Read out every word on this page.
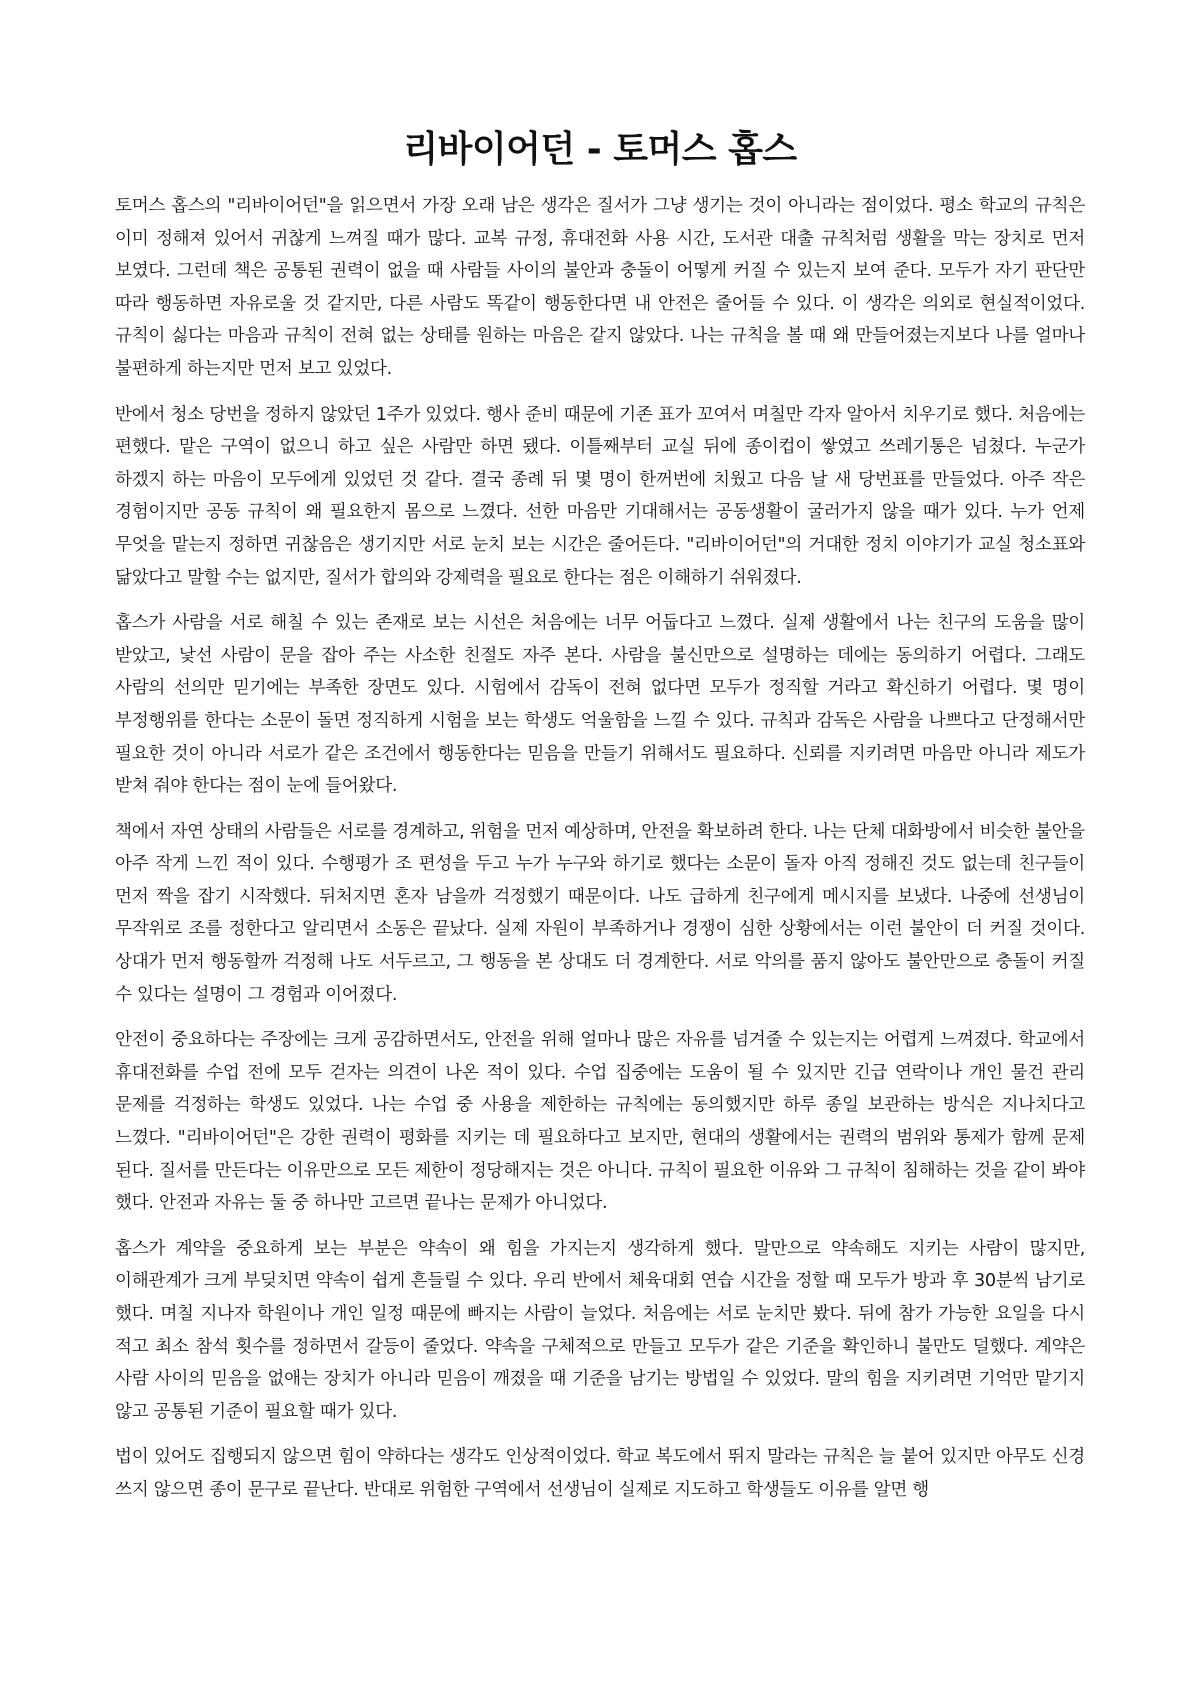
리바이어던 - 토머스 홉스

토머스 홉스의 "리바이어던"을 읽으면서 가장 오래 남은 생각은 질서가 그냥 생기는 것이 아니라는 점이었다. 평소 학교의 규칙은 이미 정해져 있어서 귀찮게 느껴질 때가 많다. 교복 규정, 휴대전화 사용 시간, 도서관 대출 규칙처럼 생활을 막는 장치로 먼저 보였다. 그런데 책은 공통된 권력이 없을 때 사람들 사이의 불안과 충돌이 어떻게 커질 수 있는지 보여 준다. 모두가 자기 판단만 따라 행동하면 자유로울 것 같지만, 다른 사람도 똑같이 행동한다면 내 안전은 줄어들 수 있다. 이 생각은 의외로 현실적이었다. 규칙이 싫다는 마음과 규칙이 전혀 없는 상태를 원하는 마음은 같지 않았다. 나는 규칙을 볼 때 왜 만들어졌는지보다 나를 얼마나 불편하게 하는지만 먼저 보고 있었다.

반에서 청소 당번을 정하지 않았던 1주가 있었다. 행사 준비 때문에 기존 표가 꼬여서 며칠만 각자 알아서 치우기로 했다. 처음에는 편했다. 맡은 구역이 없으니 하고 싶은 사람만 하면 됐다. 이틀째부터 교실 뒤에 종이컵이 쌓였고 쓰레기통은 넘쳤다. 누군가 하겠지 하는 마음이 모두에게 있었던 것 같다. 결국 종례 뒤 몇 명이 한꺼번에 치웠고 다음 날 새 당번표를 만들었다. 아주 작은 경험이지만 공동 규칙이 왜 필요한지 몸으로 느꼈다. 선한 마음만 기대해서는 공동생활이 굴러가지 않을 때가 있다. 누가 언제 무엇을 맡는지 정하면 귀찮음은 생기지만 서로 눈치 보는 시간은 줄어든다. "리바이어던"의 거대한 정치 이야기가 교실 청소표와 닮았다고 말할 수는 없지만, 질서가 합의와 강제력을 필요로 한다는 점은 이해하기 쉬워졌다.

홉스가 사람을 서로 해칠 수 있는 존재로 보는 시선은 처음에는 너무 어둡다고 느꼈다. 실제 생활에서 나는 친구의 도움을 많이 받았고, 낯선 사람이 문을 잡아 주는 사소한 친절도 자주 본다. 사람을 불신만으로 설명하는 데에는 동의하기 어렵다. 그래도 사람의 선의만 믿기에는 부족한 장면도 있다. 시험에서 감독이 전혀 없다면 모두가 정직할 거라고 확신하기 어렵다. 몇 명이 부정행위를 한다는 소문이 돌면 정직하게 시험을 보는 학생도 억울함을 느낄 수 있다. 규칙과 감독은 사람을 나쁘다고 단정해서만 필요한 것이 아니라 서로가 같은 조건에서 행동한다는 믿음을 만들기 위해서도 필요하다. 신뢰를 지키려면 마음만 아니라 제도가 받쳐 줘야 한다는 점이 눈에 들어왔다.

책에서 자연 상태의 사람들은 서로를 경계하고, 위험을 먼저 예상하며, 안전을 확보하려 한다. 나는 단체 대화방에서 비슷한 불안을 아주 작게 느낀 적이 있다. 수행평가 조 편성을 두고 누가 누구와 하기로 했다는 소문이 돌자 아직 정해진 것도 없는데 친구들이 먼저 짝을 잡기 시작했다. 뒤처지면 혼자 남을까 걱정했기 때문이다. 나도 급하게 친구에게 메시지를 보냈다. 나중에 선생님이 무작위로 조를 정한다고 알리면서 소동은 끝났다. 실제 자원이 부족하거나 경쟁이 심한 상황에서는 이런 불안이 더 커질 것이다. 상대가 먼저 행동할까 걱정해 나도 서두르고, 그 행동을 본 상대도 더 경계한다. 서로 악의를 품지 않아도 불안만으로 충돌이 커질 수 있다는 설명이 그 경험과 이어졌다.

안전이 중요하다는 주장에는 크게 공감하면서도, 안전을 위해 얼마나 많은 자유를 넘겨줄 수 있는지는 어렵게 느껴졌다. 학교에서 휴대전화를 수업 전에 모두 걷자는 의견이 나온 적이 있다. 수업 집중에는 도움이 될 수 있지만 긴급 연락이나 개인 물건 관리 문제를 걱정하는 학생도 있었다. 나는 수업 중 사용을 제한하는 규칙에는 동의했지만 하루 종일 보관하는 방식은 지나치다고 느꼈다. "리바이어던"은 강한 권력이 평화를 지키는 데 필요하다고 보지만, 현대의 생활에서는 권력의 범위와 통제가 함께 문제 된다. 질서를 만든다는 이유만으로 모든 제한이 정당해지는 것은 아니다. 규칙이 필요한 이유와 그 규칙이 침해하는 것을 같이 봐야 했다. 안전과 자유는 둘 중 하나만 고르면 끝나는 문제가 아니었다.

홉스가 계약을 중요하게 보는 부분은 약속이 왜 힘을 가지는지 생각하게 했다. 말만으로 약속해도 지키는 사람이 많지만, 이해관계가 크게 부딪치면 약속이 쉽게 흔들릴 수 있다. 우리 반에서 체육대회 연습 시간을 정할 때 모두가 방과 후 30분씩 남기로 했다. 며칠 지나자 학원이나 개인 일정 때문에 빠지는 사람이 늘었다. 처음에는 서로 눈치만 봤다. 뒤에 참가 가능한 요일을 다시 적고 최소 참석 횟수를 정하면서 갈등이 줄었다. 약속을 구체적으로 만들고 모두가 같은 기준을 확인하니 불만도 덜했다. 계약은 사람 사이의 믿음을 없애는 장치가 아니라 믿음이 깨졌을 때 기준을 남기는 방법일 수 있었다. 말의 힘을 지키려면 기억만 맡기지 않고 공통된 기준이 필요할 때가 있다.

법이 있어도 집행되지 않으면 힘이 약하다는 생각도 인상적이었다. 학교 복도에서 뛰지 말라는 규칙은 늘 붙어 있지만 아무도 신경 쓰지 않으면 종이 문구로 끝난다. 반대로 위험한 구역에서 선생님이 실제로 지도하고 학생들도 이유를 알면 행
